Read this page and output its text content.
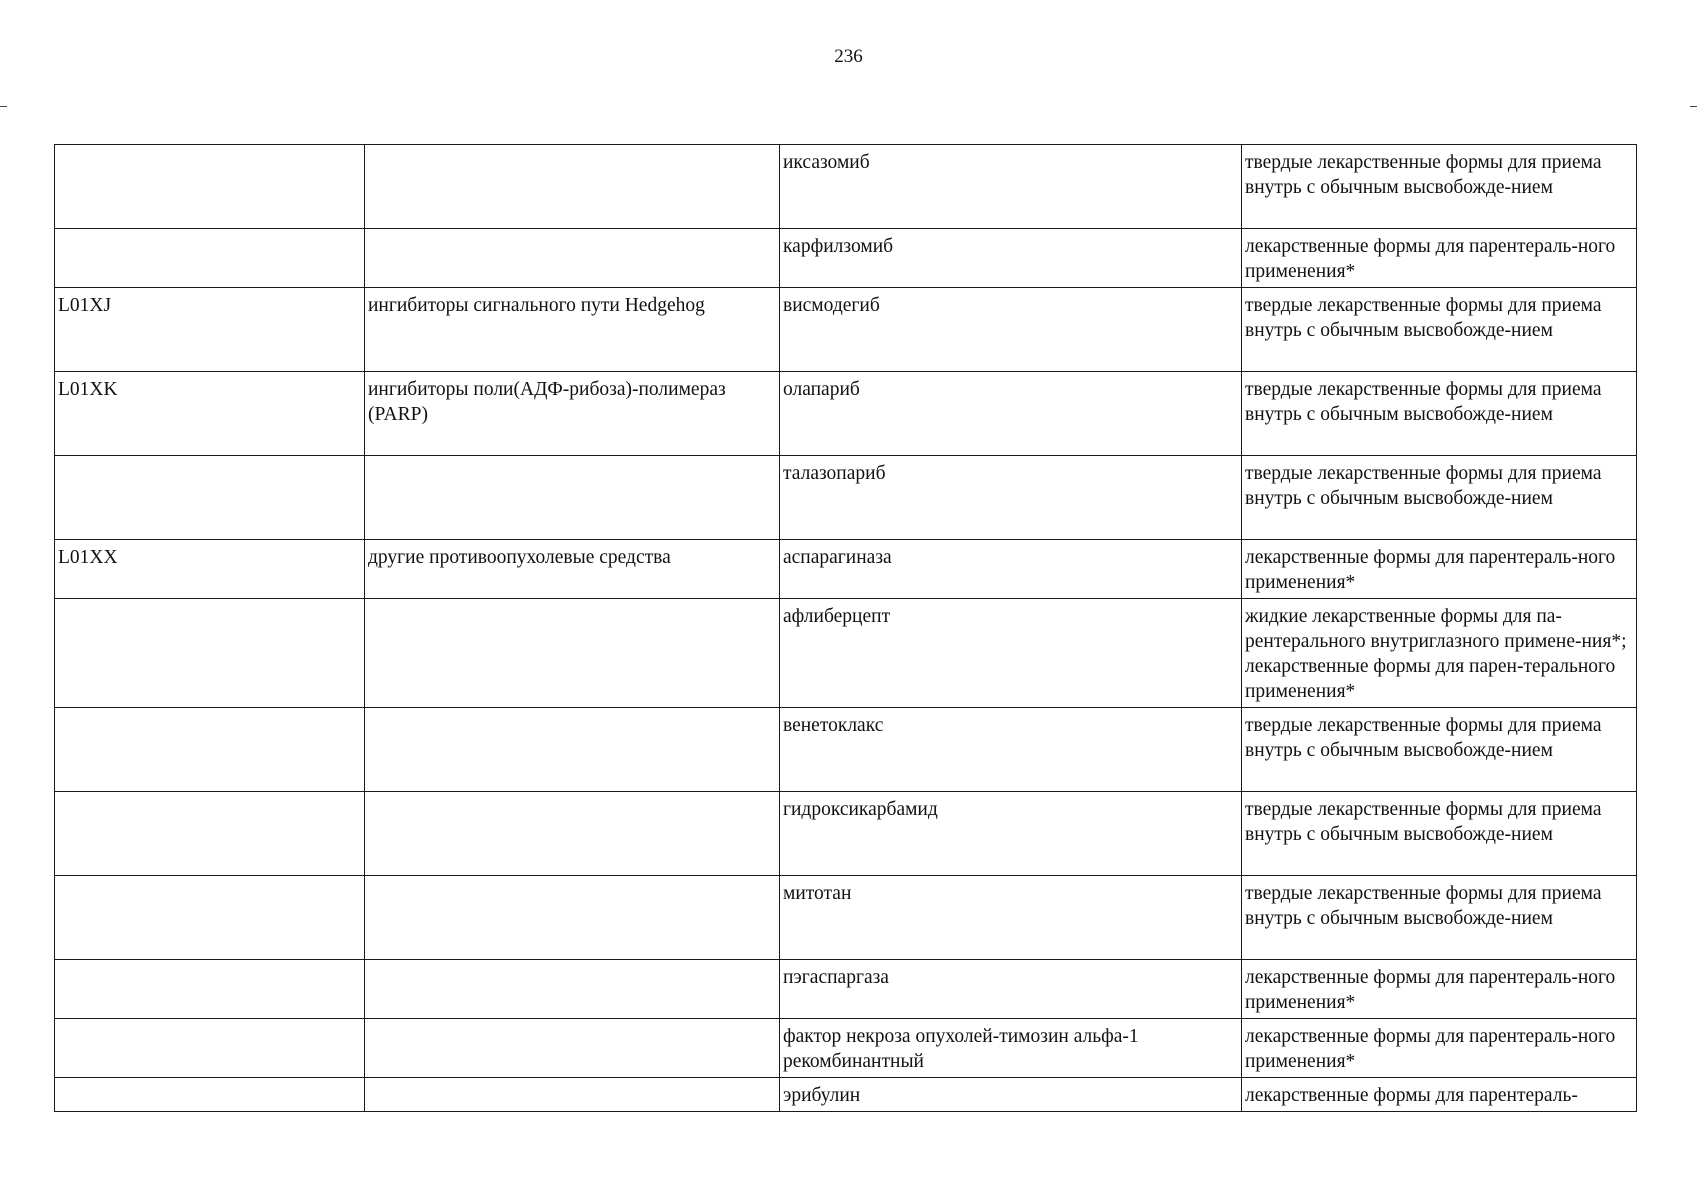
236
		иксазомиб	твердые лекарственные формы для приема внутрь с обычным высвобожде-нием
		карфилзомиб	лекарственные формы для парентераль-ного применения*
L01XJ	ингибиторы сигнального пути Hedgehog	висмодегиб	твердые лекарственные формы для приема внутрь с обычным высвобожде-нием
L01XK	ингибиторы поли(АДФ-рибоза)-полимераз (PARP)	олапариб	твердые лекарственные формы для приема внутрь с обычным высвобожде-нием
		талазопариб	твердые лекарственные формы для приема внутрь с обычным высвобожде-нием
L01XX	другие противоопухолевые средства	аспарагиназа	лекарственные формы для парентераль-ного применения*
		афлиберцепт	жидкие лекарственные формы для па-рентерального внутриглазного примене-ния*; лекарственные формы для парен-терального применения*
		венетоклакс	твердые лекарственные формы для приема внутрь с обычным высвобожде-нием
		гидроксикарбамид	твердые лекарственные формы для приема внутрь с обычным высвобожде-нием
		митотан	твердые лекарственные формы для приема внутрь с обычным высвобожде-нием
		пэгаспаргаза	лекарственные формы для парентераль-ного применения*
		фактор некроза опухолей-тимозин альфа-1 рекомбинантный	лекарственные формы для парентераль-ного применения*
		эрибулин	лекарственные формы для парентераль-
